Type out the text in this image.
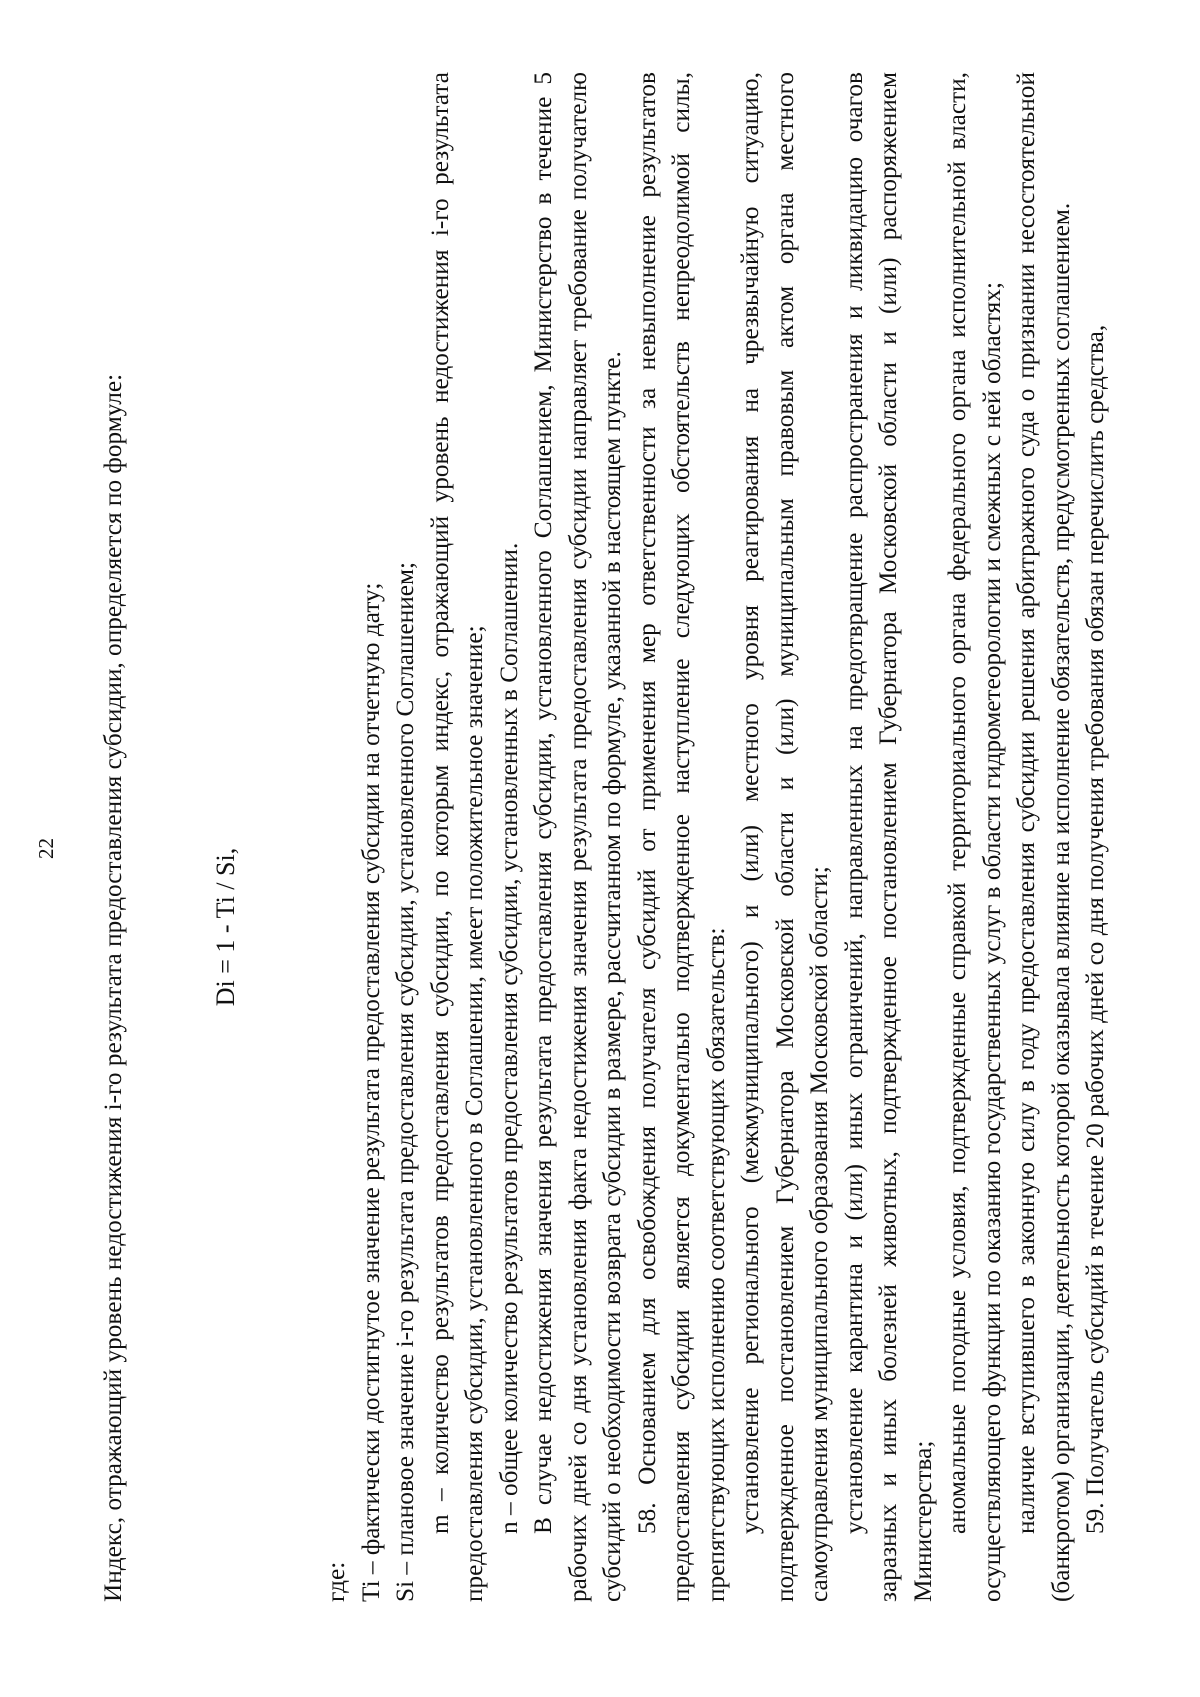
22 Индекс, отражающий уровень недостижения i-го результата предоставления субсидии, определяется по формуле:	Di = 1 - Ti / Si,

где: Ti – фактически достигнутое значение результата предоставления субсидии на отчетную дату; Si – плановое значение i-го результата предоставления субсидии, установленного Соглашением; m – количество результатов предоставления субсидии, по которым индекс, отражающий уровень недостижения i-го результата предоставления субсидии, установленного в Соглашении, имеет положительное значение; n – общее количество результатов предоставления субсидии, установленных в Соглашении. В случае недостижения значения результата предоставления субсидии, установленного Соглашением, Министерство в течение 5 рабочих дней со дня установления факта недостижения значения результата предоставления субсидии направляет требование получателю субсидий о необходимости возврата субсидии в размере, рассчитанном по формуле, указанной в настоящем пункте. 58. Основанием для освобождения получателя субсидий от применения мер ответственности за невыполнение результатов предоставления субсидии является документально подтвержденное наступление следующих обстоятельств непреодолимой силы, препятствующих исполнению соответствующих обязательств: установление регионального (межмуниципального) и (или) местного уровня реагирования на чрезвычайную ситуацию, подтвержденное постановлением Губернатора Московской области и (или) муниципальным правовым актом органа местного самоуправления муниципального образования Московской области; установление карантина и (или) иных ограничений, направленных на предотвращение распространения и ликвидацию очагов заразных и иных болезней животных, подтвержденное постановлением Губернатора Московской области и (или) распоряжением Министерства; аномальные погодные условия, подтвержденные справкой территориального органа федерального органа исполнительной власти, осуществляющего функции по оказанию государственных услуг в области гидрометеорологии и смежных с ней областях; наличие вступившего в законную силу в году предоставления субсидии решения арбитражного суда о признании несостоятельной (банкротом) организации, деятельность которой оказывала влияние на исполнение обязательств, предусмотренных соглашением. 59. Получатель субсидий в течение 20 рабочих дней со дня получения требования обязан перечислить средства,
